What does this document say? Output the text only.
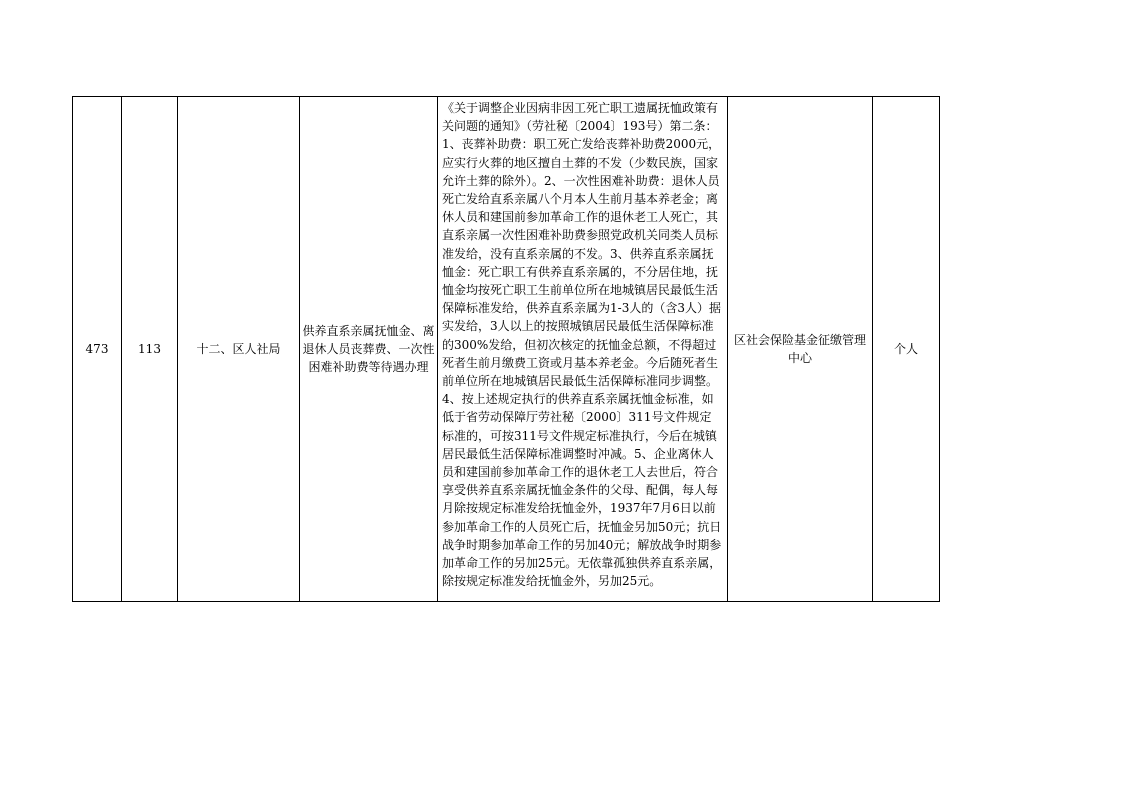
473	113	十二、区人社局	供养直系亲属抚恤金、离退休人员丧葬费、一次性困难补助费等待遇办理	《关于调整企业因病非因工死亡职工遗属抚恤政策有关问题的通知》（劳社秘〔2004〕193号）第二条：1、丧葬补助费：职工死亡发给丧葬补助费2000元，应实行火葬的地区擅自土葬的不发（少数民族，国家允许土葬的除外）。2、一次性困难补助费：退休人员死亡发给直系亲属八个月本人生前月基本养老金；离休人员和建国前参加革命工作的退休老工人死亡，其直系亲属一次性困难补助费参照党政机关同类人员标准发给，没有直系亲属的不发。3、供养直系亲属抚恤金：死亡职工有供养直系亲属的，不分居住地，抚恤金均按死亡职工生前单位所在地城镇居民最低生活保障标准发给，供养直系亲属为1-3人的（含3人）据实发给，3人以上的按照城镇居民最低生活保障标准的300%发给，但初次核定的抚恤金总额，不得超过死者生前月缴费工资或月基本养老金。今后随死者生前单位所在地城镇居民最低生活保障标准同步调整。4、按上述规定执行的供养直系亲属抚恤金标准，如低于省劳动保障厅劳社秘〔2000〕311号文件规定标准的，可按311号文件规定标准执行，今后在城镇居民最低生活保障标准调整时冲减。5、企业离休人员和建国前参加革命工作的退休老工人去世后，符合享受供养直系亲属抚恤金条件的父母、配偶，每人每月除按规定标准发给抚恤金外，1937年7月6日以前参加革命工作的人员死亡后，抚恤金另加50元；抗日战争时期参加革命工作的另加40元；解放战争时期参加革命工作的另加25元。无依靠孤独供养直系亲属，除按规定标准发给抚恤金外，另加25元。	区社会保险基金征缴管理中心	个人
